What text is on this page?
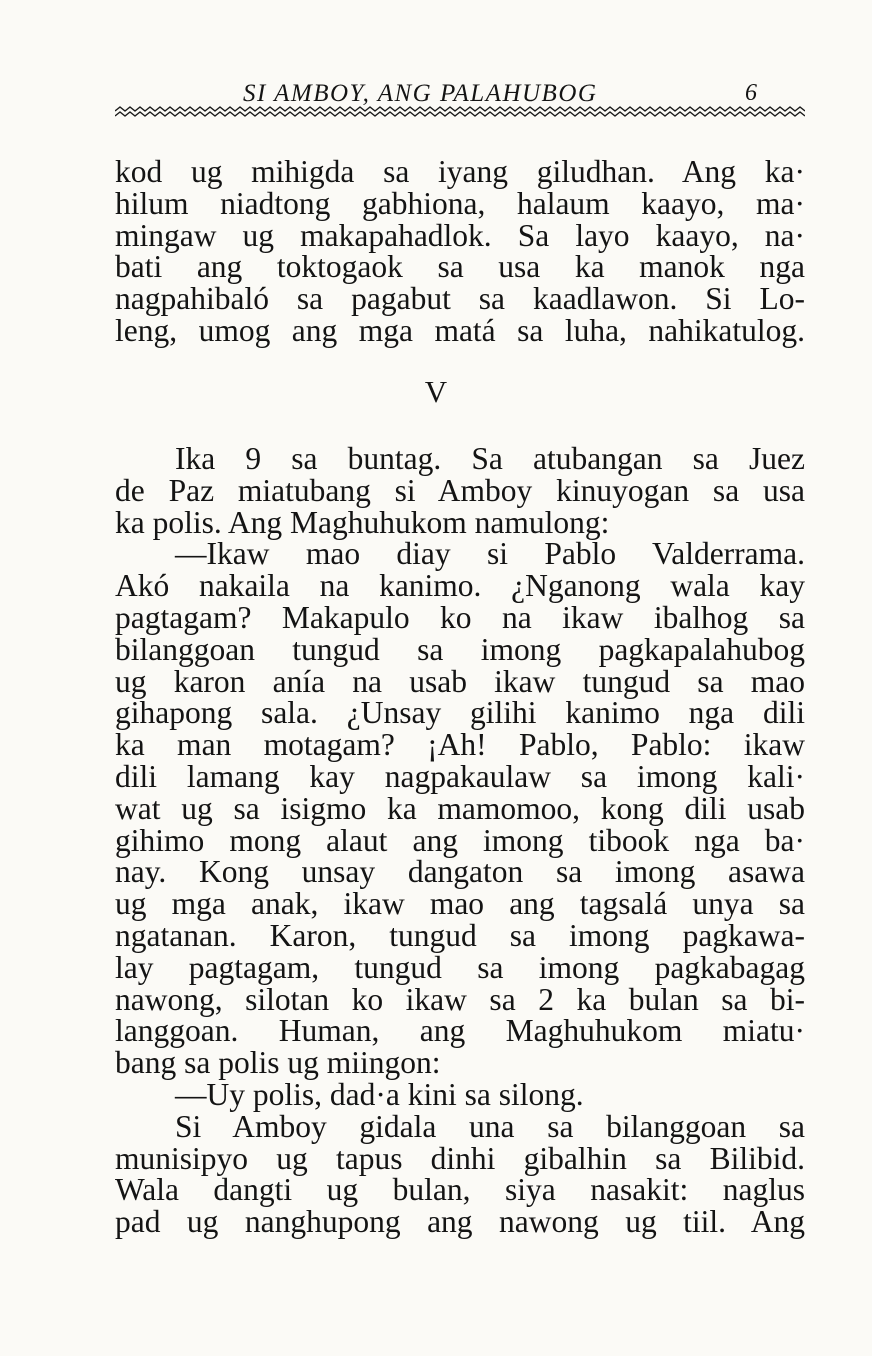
SI AMBOY, ANG PALAHUBOG	6
kod ug mihigda sa iyang giludhan. Ang ka·
hilum niadtong gabhiona, halaum kaayo, ma·
mingaw ug makapahadlok. Sa layo kaayo, na·
bati ang toktogaok sa usa ka manok nga
nagpahibaló sa pagabut sa kaadlawon. Si Lo-
leng, umog ang mga matá sa luha, nahikatulog.
V
Ika 9 sa buntag. Sa atubangan sa Juez
de Paz miatubang si Amboy kinuyogan sa usa
ka polis. Ang Maghuhukom namulong:
—Ikaw mao diay si Pablo Valderrama.
Akó nakaila na kanimo. ¿Nganong wala kay
pagtagam? Makapulo ko na ikaw ibalhog sa
bilanggoan tungud sa imong pagkapalahubog
ug karon anía na usab ikaw tungud sa mao
gihapong sala. ¿Unsay gilihi kanimo nga dili
ka man motagam? ¡Ah! Pablo, Pablo: ikaw
dili lamang kay nagpakaulaw sa imong kali·
wat ug sa isigmo ka mamomoo, kong dili usab
gihimo mong alaut ang imong tibook nga ba·
nay. Kong unsay dangaton sa imong asawa
ug mga anak, ikaw mao ang tagsalá unya sa
ngatanan. Karon, tungud sa imong pagkawa-
lay pagtagam, tungud sa imong pagkabagag
nawong, silotan ko ikaw sa 2 ka bulan sa bi-
langgoan. Human, ang Maghuhukom miatu·
bang sa polis ug miingon:
—Uy polis, dad·a kini sa silong.
Si Amboy gidala una sa bilanggoan sa
munisipyo ug tapus dinhi gibalhin sa Bilibid.
Wala dangti ug bulan, siya nasakit: naglus
pad ug nanghupong ang nawong ug tiil. Ang
